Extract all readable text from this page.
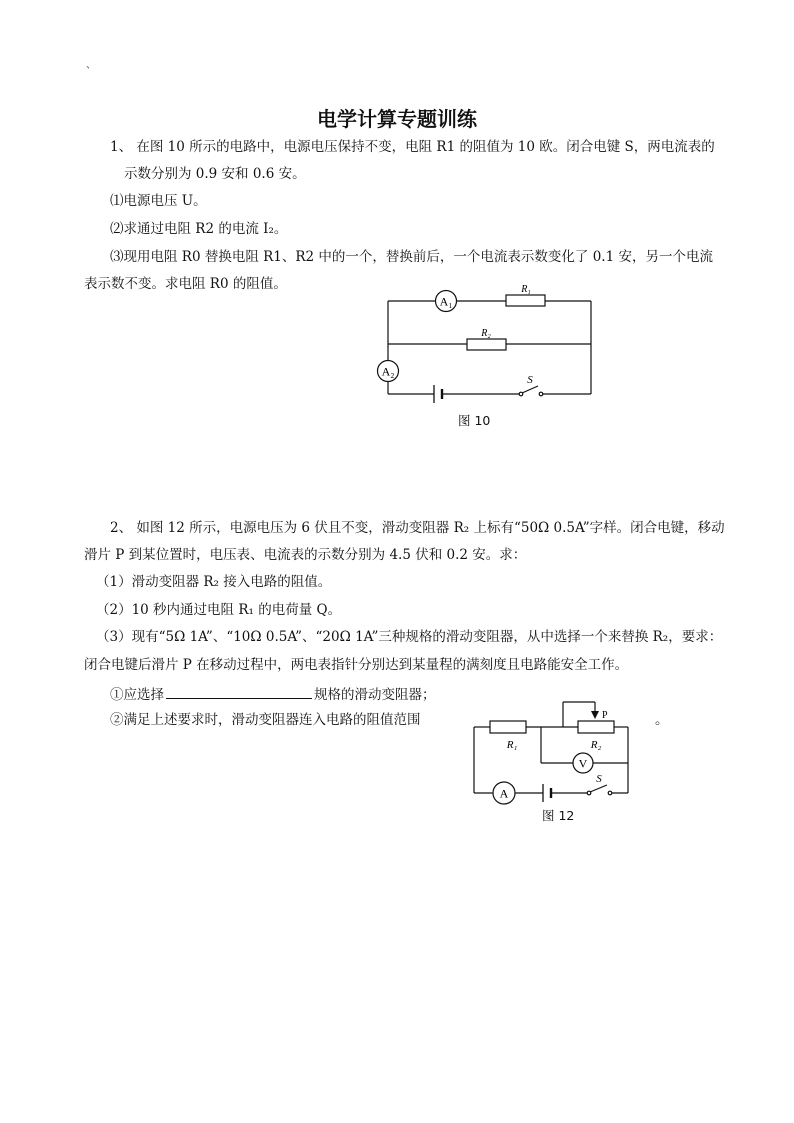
、
电学计算专题训练
1、 在图 10 所示的电路中，电源电压保持不变，电阻 R1 的阻值为 10 欧。闭合电键 S，两电流表的
示数分别为 0.9 安和 0.6 安。
⑴电源电压 U。
⑵求通过电阻 R2 的电流 I₂。
⑶现用电阻 R0 替换电阻 R1、R2 中的一个，替换前后，一个电流表示数变化了 0.1 安，另一个电流
表示数不变。求电阻 R0 的阻值。
A₁
R₁
R₂
A₂
S
图 10
2、 如图 12 所示，电源电压为 6 伏且不变，滑动变阻器 R₂ 上标有“50Ω 0.5A”字样。闭合电键，移动
滑片 P 到某位置时，电压表、电流表的示数分别为 4.5 伏和 0.2 安。求：
（1）滑动变阻器 R₂ 接入电路的阻值。
（2）10 秒内通过电阻 R₁ 的电荷量 Q。
（3）现有“5Ω 1A”、“10Ω 0.5A”、“20Ω 1A”三种规格的滑动变阻器，从中选择一个来替换 R₂，要求：
闭合电键后滑片 P 在移动过程中，两电表指针分别达到某量程的满刻度且电路能安全工作。
①应选择	规格的滑动变阻器；
②满足上述要求时，滑动变阻器连入电路的阻值范围	。
R₁
P
R₂
V
A
S
图 12
